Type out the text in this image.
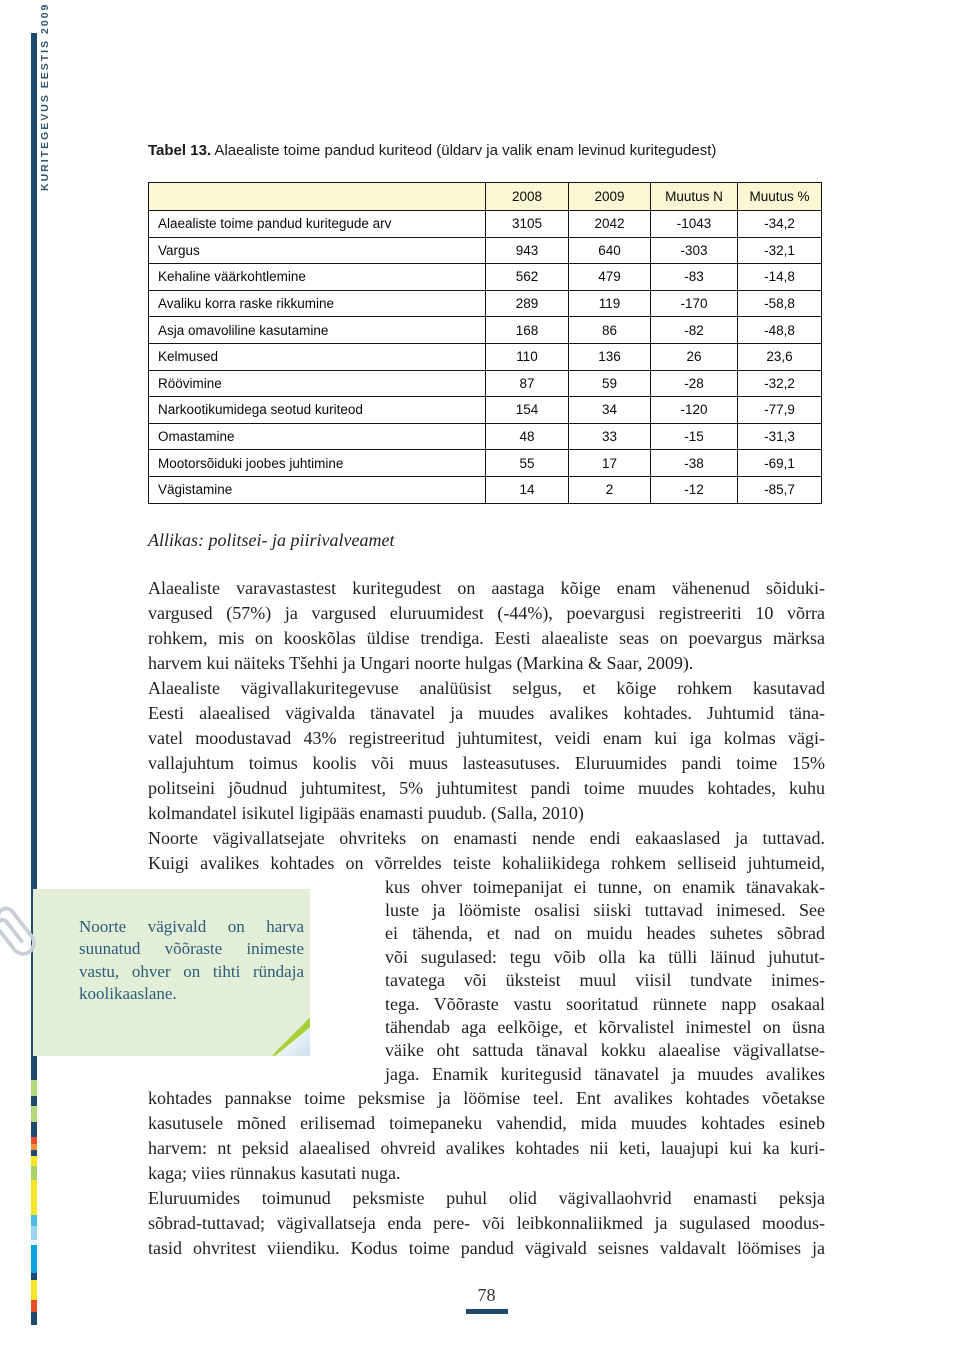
KURITEGEVUS EESTIS 2009	Tabel 13. Alaealiste toime pandud kuriteod (üldarv ja valik enam levinud kuritegudest)

	2008	2009	Muutus N	Muutus %
Alaealiste toime pandud kuritegude arv	3105	2042	-1043	-34,2
Vargus	943	640	-303	-32,1
Kehaline väärkohtlemine	562	479	-83	-14,8
Avaliku korra raske rikkumine	289	119	-170	-58,8
Asja omavoliline kasutamine	168	86	-82	-48,8
Kelmused	110	136	26	23,6
Röövimine	87	59	-28	-32,2
Narkootikumidega seotud kuriteod	154	34	-120	-77,9
Omastamine	48	33	-15	-31,3
Mootorsõiduki joobes juhtimine	55	17	-38	-69,1
Vägistamine	14	2	-12	-85,7

Allikas: politsei- ja piirivalveamet

Alaealiste varavastastest kuritegudest on aastaga kõige enam vähenenud sõiduki-
vargused (57%) ja vargused eluruumidest (-44%), poevargusi registreeriti 10 võrra
rohkem, mis on kooskõlas üldise trendiga. Eesti alaealiste seas on poevargus märksa
harvem kui näiteks Tšehhi ja Ungari noorte hulgas (Markina & Saar, 2009).
Alaealiste vägivallakuritegevuse analüüsist selgus, et kõige rohkem kasutavad
Eesti alaealised vägivalda tänavatel ja muudes avalikes kohtades. Juhtumid täna-
vatel moodustavad 43% registreeritud juhtumitest, veidi enam kui iga kolmas vägi-
vallajuhtum toimus koolis või muus lasteasutuses. Eluruumides pandi toime 15%
politseini jõudnud juhtumitest, 5% juhtumitest pandi toime muudes kohtades, kuhu
kolmandatel isikutel ligipääs enamasti puudub. (Salla, 2010)
Noorte vägivallatsejate ohvriteks on enamasti nende endi eakaaslased ja tuttavad.
Kuigi avalikes kohtades on võrreldes teiste kohaliikidega rohkem selliseid juhtumeid,
Noorte vägivald on harva
suunatud võõraste inimeste
vastu, ohver on tihti ründaja
koolikaaslane.
kus ohver toimepanijat ei tunne, on enamik tänavakak-
luste ja löömiste osalisi siiski tuttavad inimesed. See
ei tähenda, et nad on muidu heades suhetes sõbrad
või sugulased: tegu võib olla ka tülli läinud juhutut-
tavatega või üksteist muul viisil tundvate inimes-
tega. Võõraste vastu sooritatud rünnete napp osakaal
tähendab aga eelkõige, et kõrvalistel inimestel on üsna
väike oht sattuda tänaval kokku alaealise vägivallatse-
jaga. Enamik kuritegusid tänavatel ja muudes avalikes
kohtades pannakse toime peksmise ja löömise teel. Ent avalikes kohtades võetakse
kasutusele mõned erilisemad toimepaneku vahendid, mida muudes kohtades esineb
harvem: nt peksid alaealised ohvreid avalikes kohtades nii keti, lauajupi kui ka kuri-
kaga; viies rünnakus kasutati nuga.
Eluruumides toimunud peksmiste puhul olid vägivallaohvrid enamasti peksja
sõbrad-tuttavad; vägivallatseja enda pere- või leibkonnaliikmed ja sugulased moodus-
tasid ohvritest viiendiku. Kodus toime pandud vägivald seisnes valdavalt löömises ja
78
